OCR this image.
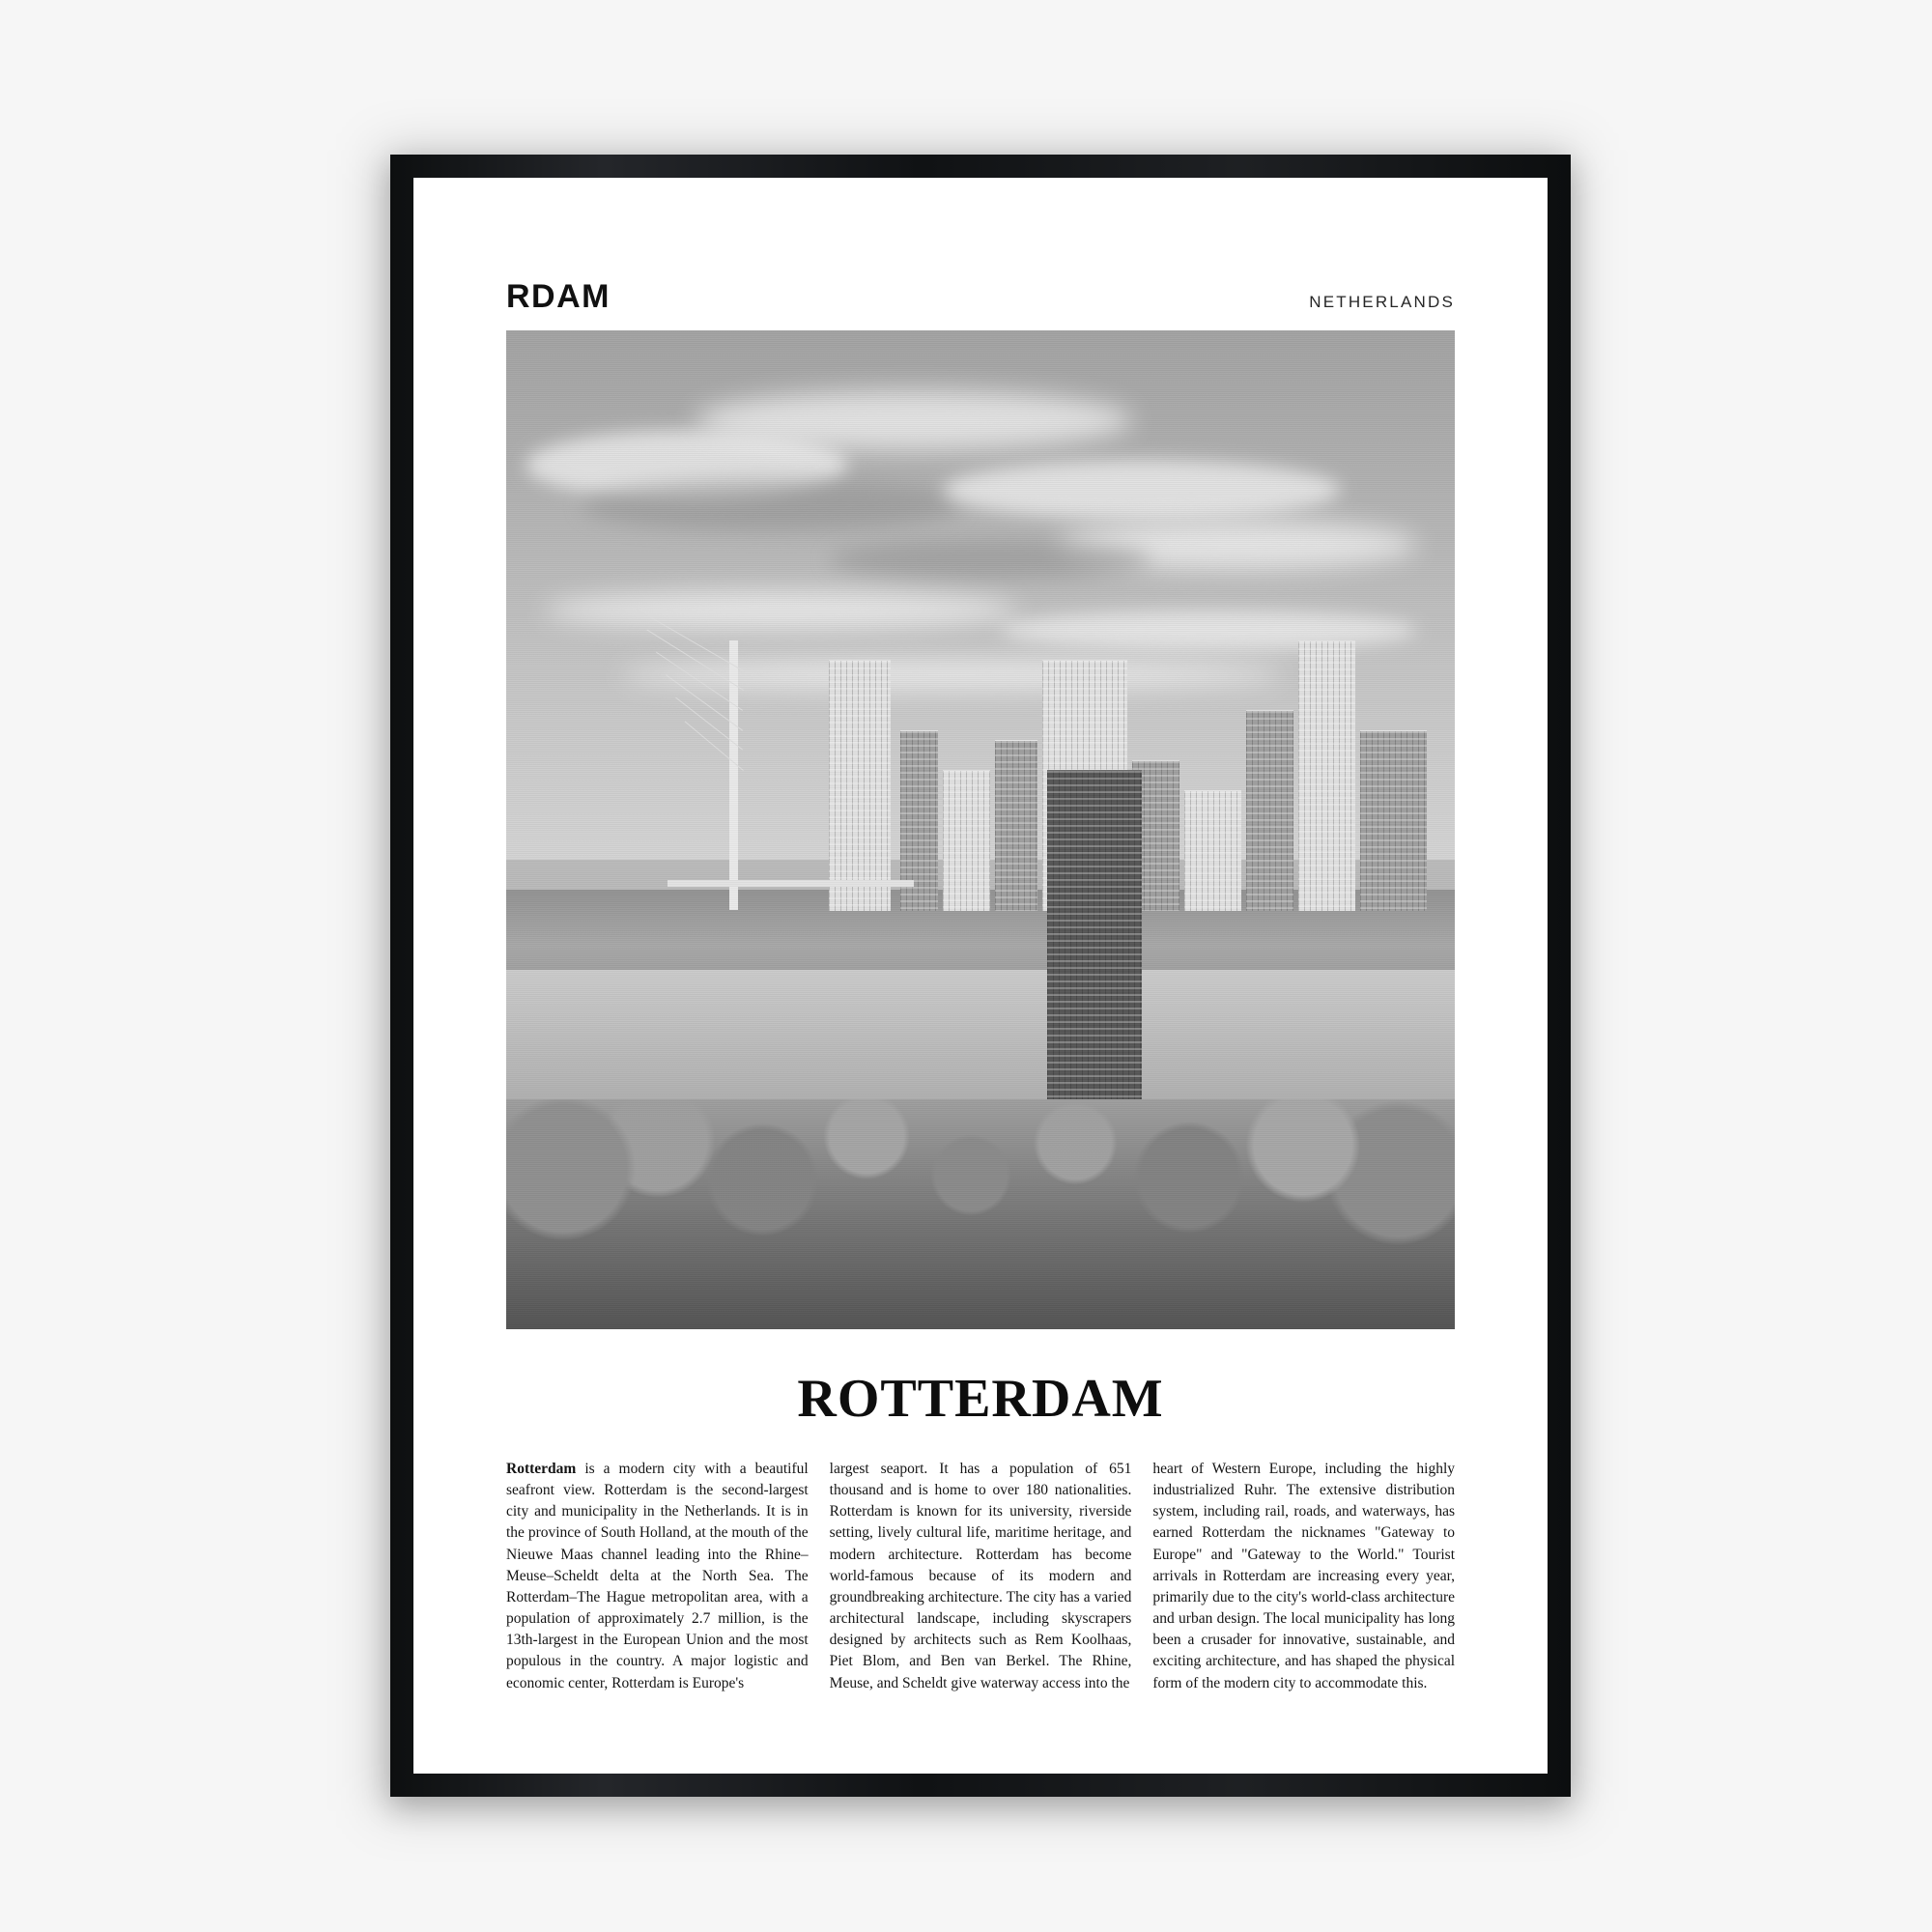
RDAM	NETHERLANDS
ROTTERDAM
Rotterdam is a modern city with a beautiful seafront view. Rotterdam is the second-largest city and municipality in the Netherlands. It is in the province of South Holland, at the mouth of the Nieuwe Maas channel leading into the Rhine–Meuse–Scheldt delta at the North Sea. The Rotterdam–The Hague metropolitan area, with a population of approximately 2.7 million, is the 13th-largest in the European Union and the most populous in the country. A major logistic and economic center, Rotterdam is Europe's
largest seaport. It has a population of 651 thousand and is home to over 180 nationalities. Rotterdam is known for its university, riverside setting, lively cultural life, maritime heritage, and modern architecture. Rotterdam has become world-famous because of its modern and groundbreaking architecture. The city has a varied architectural landscape, including skyscrapers designed by architects such as Rem Koolhaas, Piet Blom, and Ben van Berkel. The Rhine, Meuse, and Scheldt give waterway access into the
heart of Western Europe, including the highly industrialized Ruhr. The extensive distribution system, including rail, roads, and waterways, has earned Rotterdam the nicknames "Gateway to Europe" and "Gateway to the World." Tourist arrivals in Rotterdam are increasing every year, primarily due to the city's world-class architecture and urban design. The local municipality has long been a crusader for innovative, sustainable, and exciting architecture, and has shaped the physical form of the modern city to accommodate this.
